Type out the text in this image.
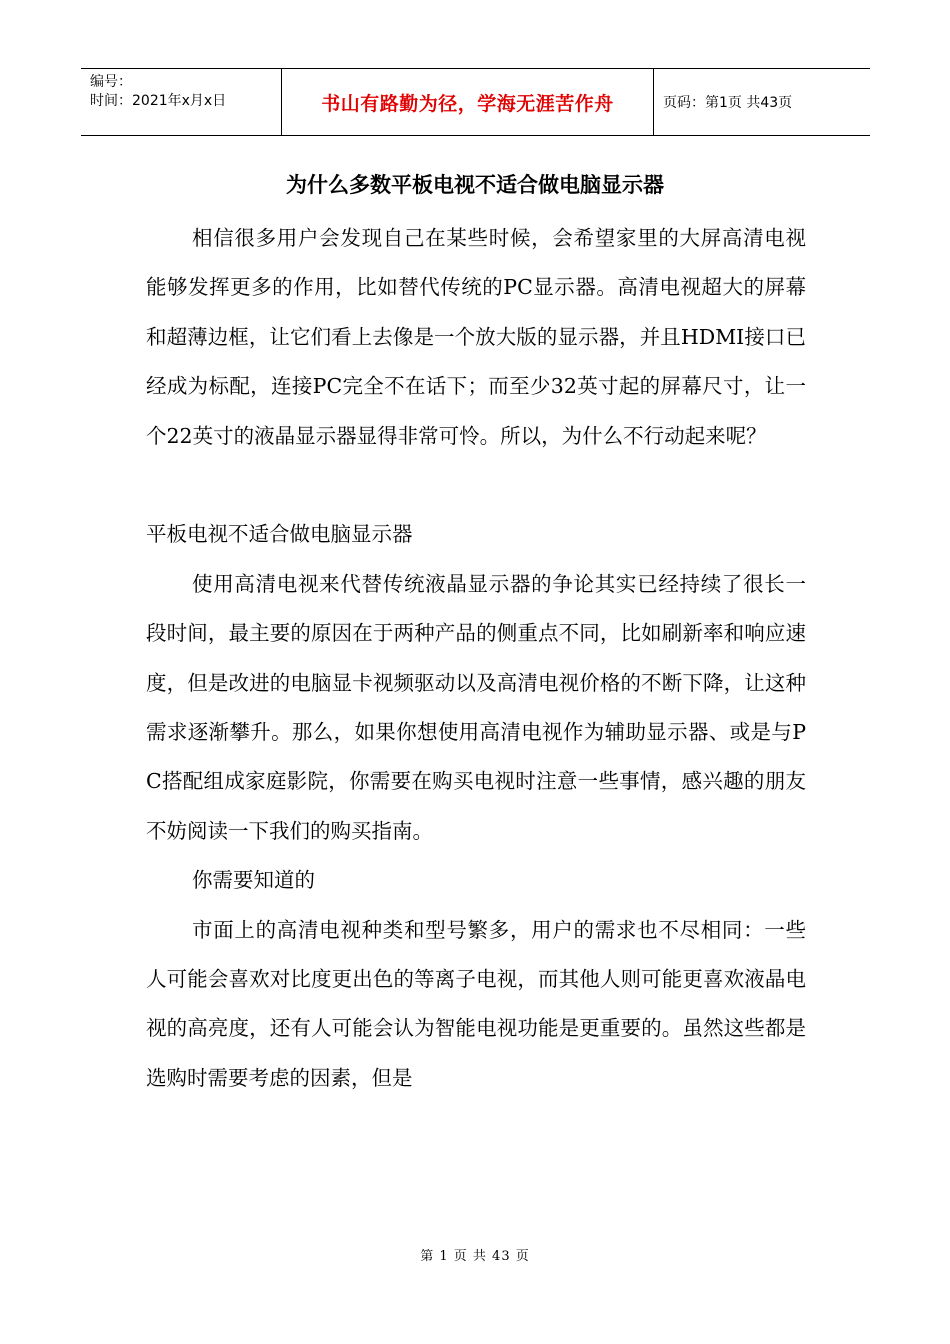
编号：
时间：2021年x月x日	书山有路勤为径，学海无涯苦作舟	页码：第1页 共43页
为什么多数平板电视不适合做电脑显示器

相信很多用户会发现自己在某些时候，会希望家里的大屏高清电视能够发挥更多的作用，比如替代传统的PC显示器。高清电视超大的屏幕和超薄边框，让它们看上去像是一个放大版的显示器，并且HDMI接口已经成为标配，连接PC完全不在话下；而至少32英寸起的屏幕尺寸，让一个22英寸的液晶显示器显得非常可怜。所以，为什么不行动起来呢？

平板电视不适合做电脑显示器

使用高清电视来代替传统液晶显示器的争论其实已经持续了很长一段时间，最主要的原因在于两种产品的侧重点不同，比如刷新率和响应速度，但是改进的电脑显卡视频驱动以及高清电视价格的不断下降，让这种需求逐渐攀升。那么，如果你想使用高清电视作为辅助显示器、或是与PC搭配组成家庭影院，你需要在购买电视时注意一些事情，感兴趣的朋友不妨阅读一下我们的购买指南。

你需要知道的

市面上的高清电视种类和型号繁多，用户的需求也不尽相同：一些人可能会喜欢对比度更出色的等离子电视，而其他人则可能更喜欢液晶电视的高亮度，还有人可能会认为智能电视功能是更重要的。虽然这些都是选购时需要考虑的因素，但是

第 1 页 共 43 页
